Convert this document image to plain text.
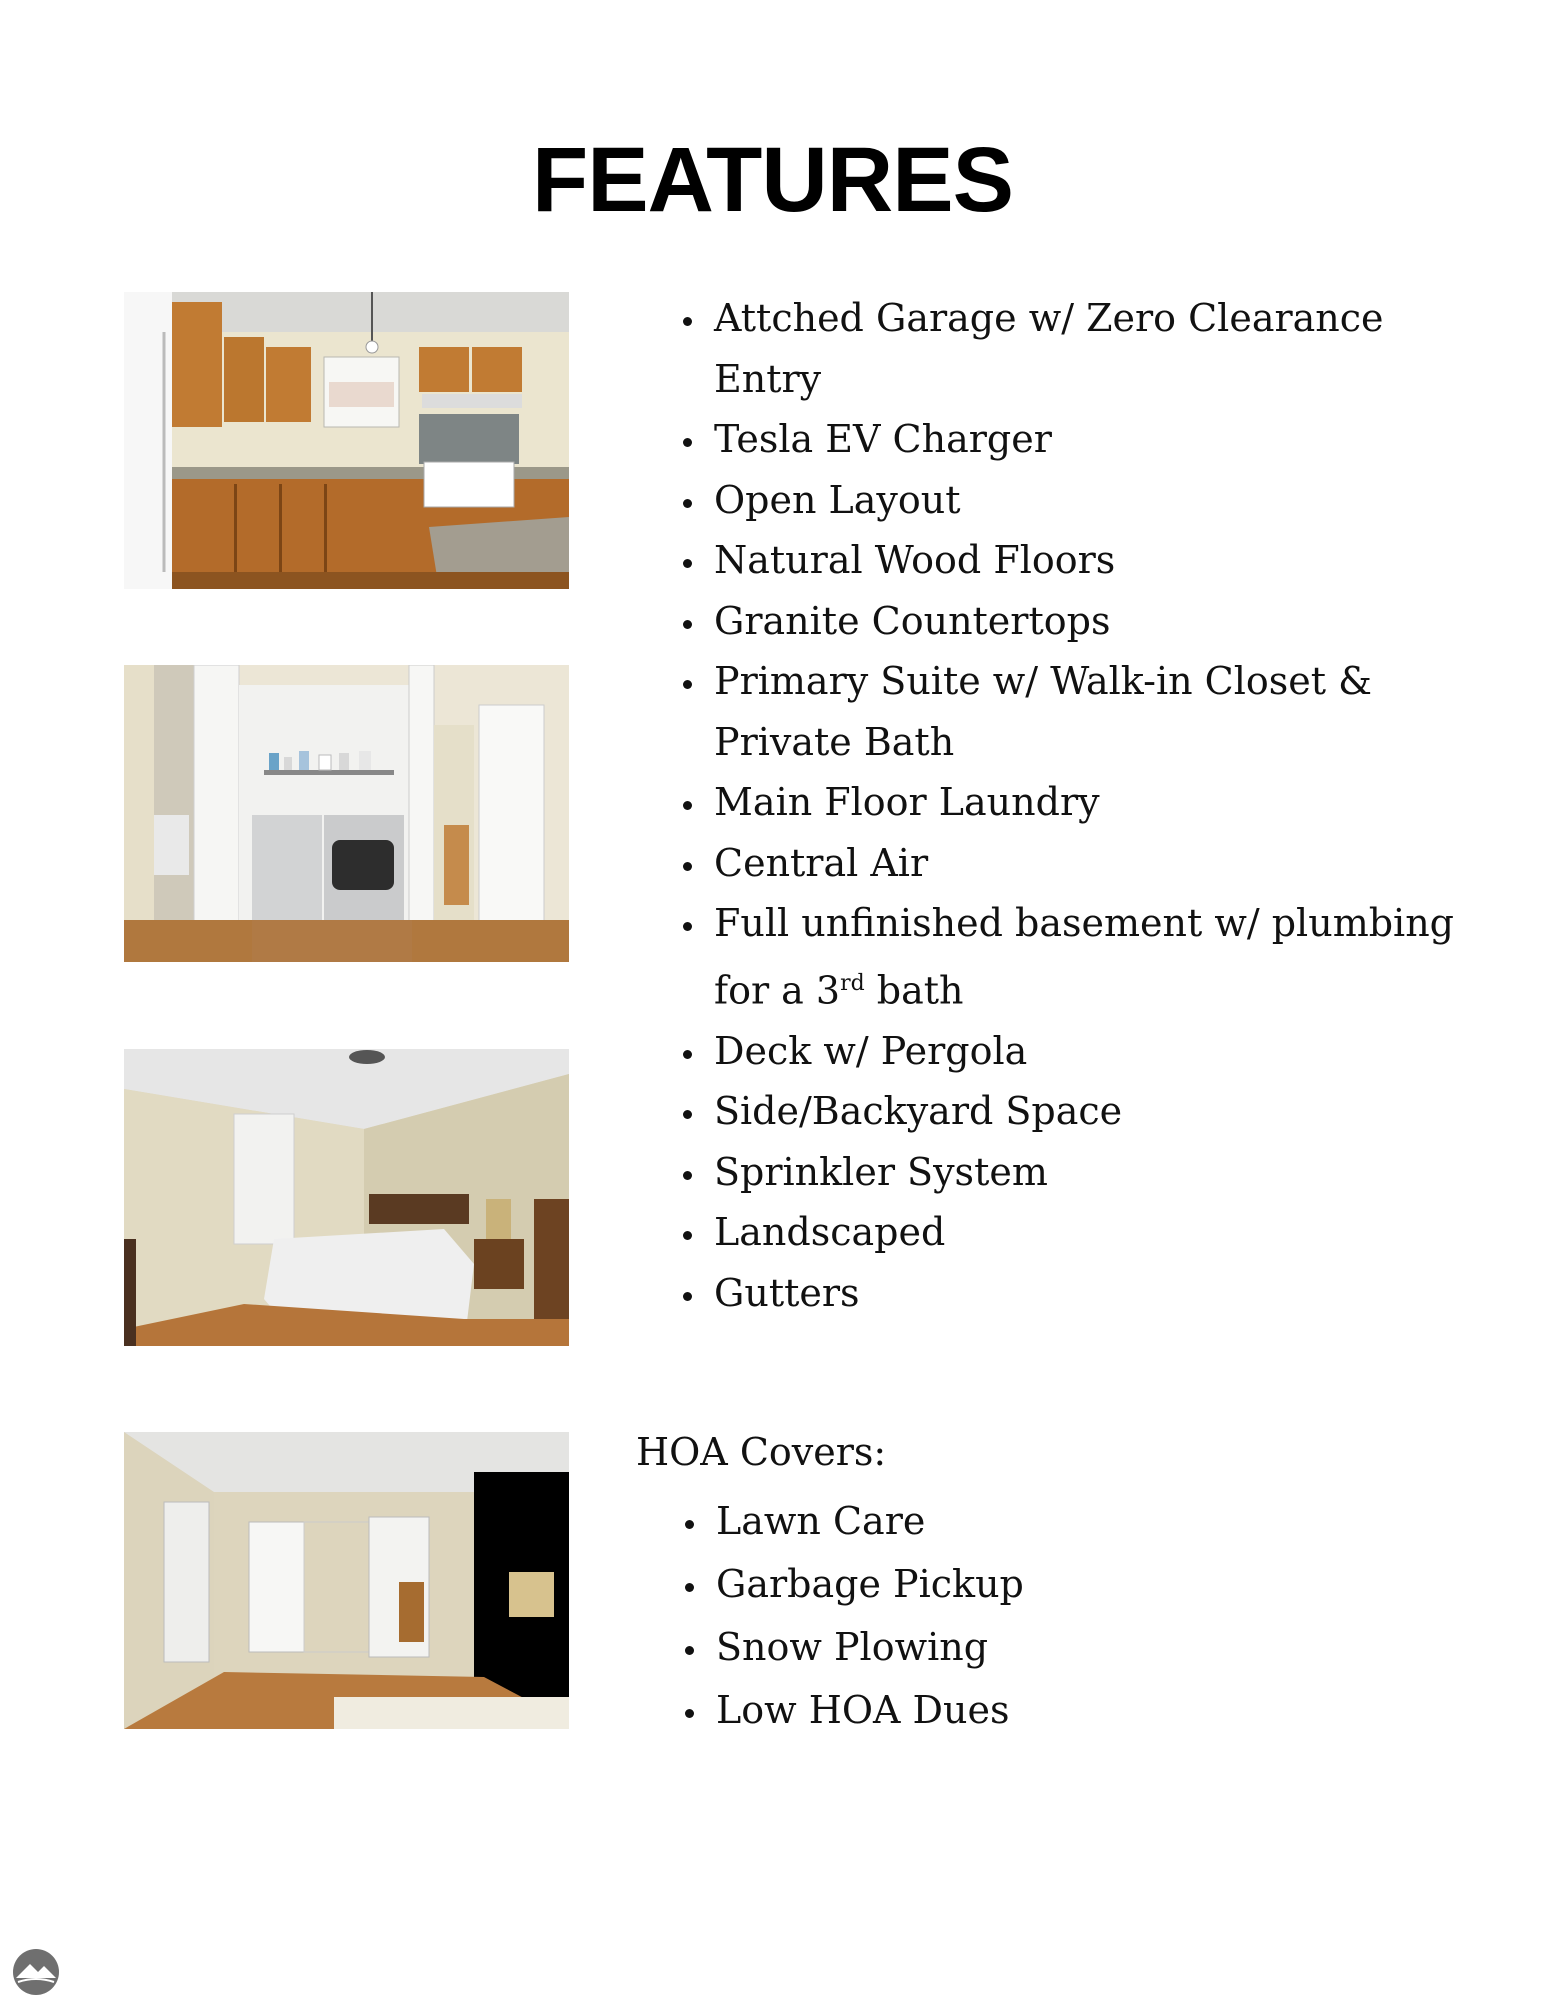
FEATURES
• Attched Garage w/ Zero Clearance Entry
• Tesla EV Charger
• Open Layout
• Natural Wood Floors
• Granite Countertops
• Primary Suite w/ Walk-in Closet & Private Bath
• Main Floor Laundry
• Central Air
• Full unfinished basement w/ plumbing for a 3rd bath
• Deck w/ Pergola
• Side/Backyard Space
• Sprinkler System
• Landscaped
• Gutters

HOA Covers:

• Lawn Care
• Garbage Pickup
• Snow Plowing
• Low HOA Dues
